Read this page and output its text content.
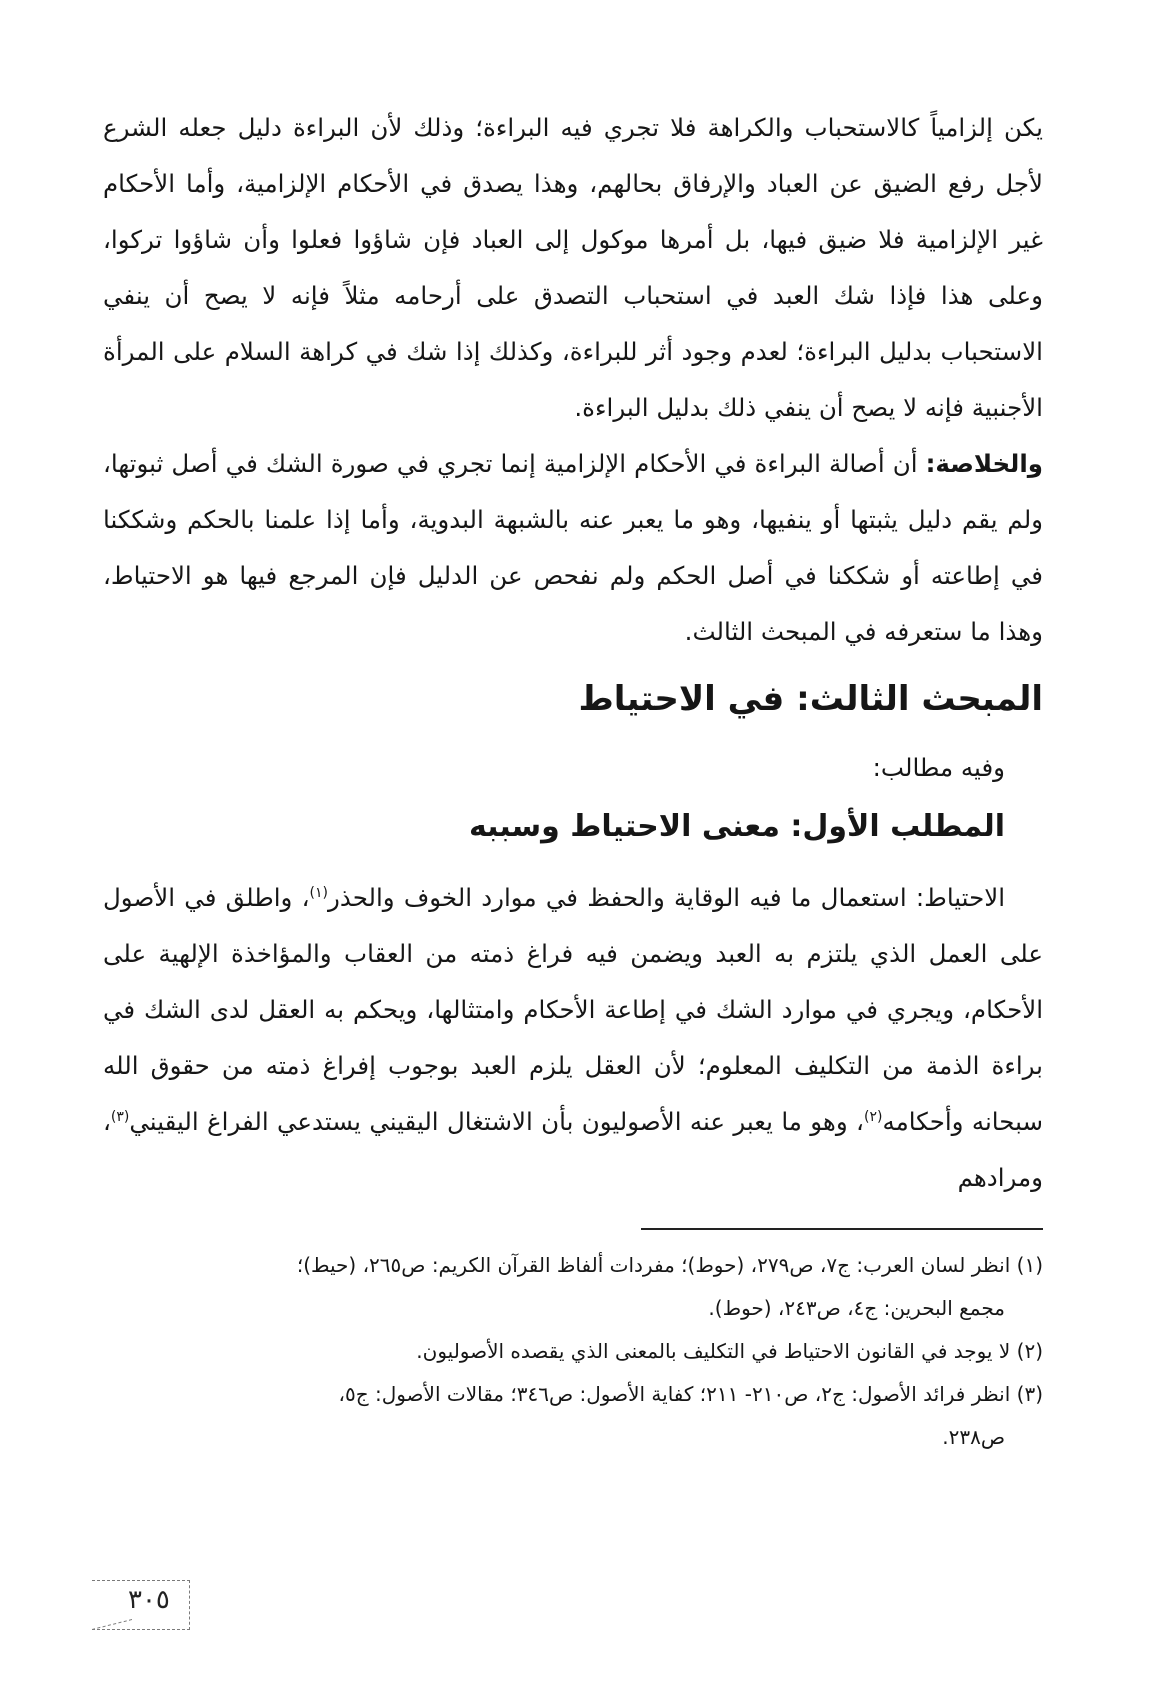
يكن إلزامياً كالاستحباب والكراهة فلا تجري فيه البراءة؛ وذلك لأن البراءة دليل جعله الشرع لأجل رفع الضيق عن العباد والإرفاق بحالهم، وهذا يصدق في الأحكام الإلزامية، وأما الأحكام غير الإلزامية فلا ضيق فيها، بل أمرها موكول إلى العباد فإن شاؤوا فعلوا وأن شاؤوا تركوا، وعلى هذا فإذا شك العبد في استحباب التصدق على أرحامه مثلاً فإنه لا يصح أن ينفي الاستحباب بدليل البراءة؛ لعدم وجود أثر للبراءة، وكذلك إذا شك في كراهة السلام على المرأة الأجنبية فإنه لا يصح أن ينفي ذلك بدليل البراءة.

والخلاصة: أن أصالة البراءة في الأحكام الإلزامية إنما تجري في صورة الشك في أصل ثبوتها، ولم يقم دليل يثبتها أو ينفيها، وهو ما يعبر عنه بالشبهة البدوية، وأما إذا علمنا بالحكم وشككنا في إطاعته أو شككنا في أصل الحكم ولم نفحص عن الدليل فإن المرجع فيها هو الاحتياط، وهذا ما ستعرفه في المبحث الثالث.

المبحث الثالث: في الاحتياط

وفيه مطالب:

المطلب الأول: معنى الاحتياط وسببه

الاحتياط: استعمال ما فيه الوقاية والحفظ في موارد الخوف والحذر$^{(١)}$، واطلق في الأصول على العمل الذي يلتزم به العبد ويضمن فيه فراغ ذمته من العقاب والمؤاخذة الإلهية على الأحكام، ويجري في موارد الشك في إطاعة الأحكام وامتثالها، ويحكم به العقل لدى الشك في براءة الذمة من التكليف المعلوم؛ لأن العقل يلزم العبد بوجوب إفراغ ذمته من حقوق الله سبحانه وأحكامه$^{(٢)}$، وهو ما يعبر عنه الأصوليون بأن الاشتغال اليقيني يستدعي الفراغ اليقيني$^{(٣)}$، ومرادهم

(١) انظر لسان العرب: ج٧، ص٢٧٩، (حوط)؛ مفردات ألفاظ القرآن الكريم: ص٢٦٥، (حيط)؛

مجمع البحرين: ج٤، ص٢٤٣، (حوط).

(٢) لا يوجد في القانون الاحتياط في التكليف بالمعنى الذي يقصده الأصوليون.

(٣) انظر فرائد الأصول: ج٢، ص٢١٠- ٢١١؛ كفاية الأصول: ص٣٤٦؛ مقالات الأصول: ج٥،

ص٢٣٨.

٣٠٥
